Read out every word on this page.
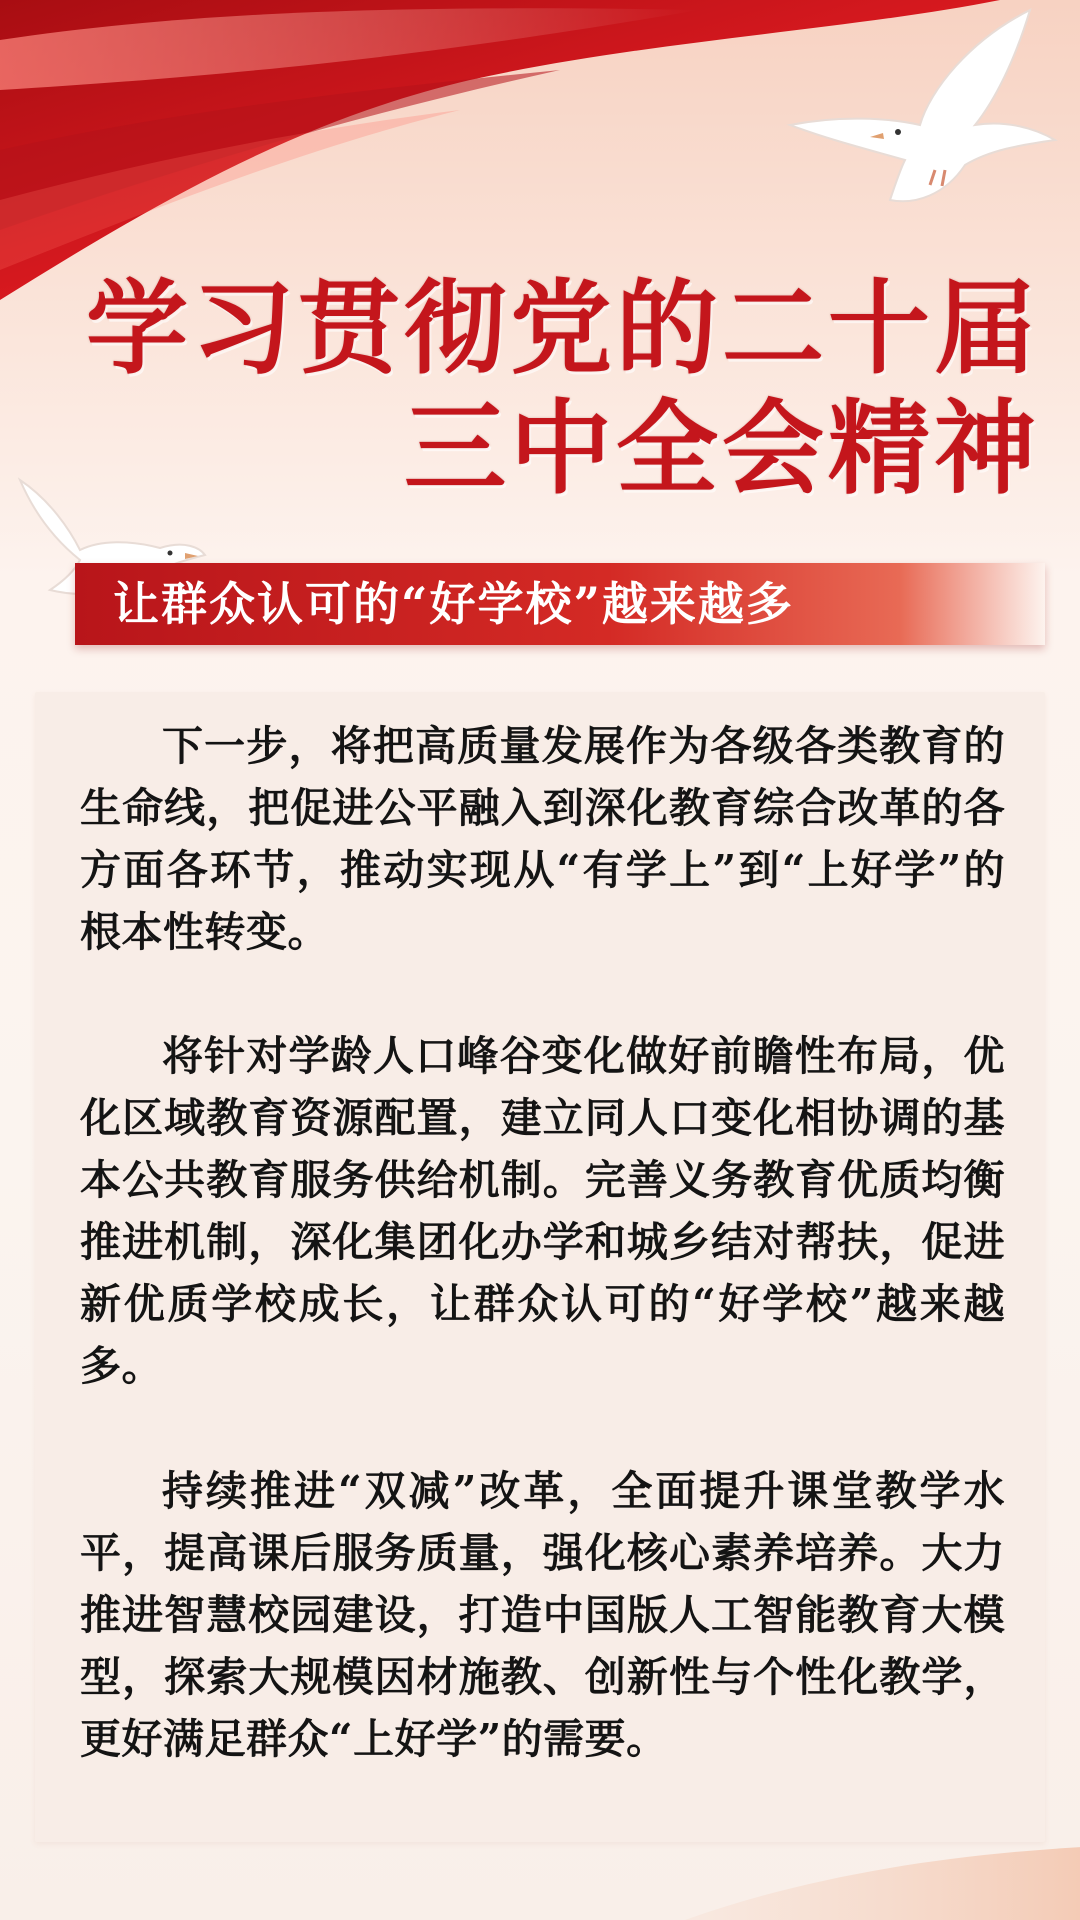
学习贯彻党的二十届
三中全会精神
让群众认可的“好学校”越来越多

下一步，将把高质量发展作为各级各类教育的生命线，把促进公平融入到深化教育综合改革的各方面各环节，推动实现从“有学上”到“上好学”的根本性转变。

将针对学龄人口峰谷变化做好前瞻性布局，优化区域教育资源配置，建立同人口变化相协调的基本公共教育服务供给机制。完善义务教育优质均衡推进机制，深化集团化办学和城乡结对帮扶，促进新优质学校成长，让群众认可的“好学校”越来越多。

持续推进“双减”改革，全面提升课堂教学水平，提高课后服务质量，强化核心素养培养。大力推进智慧校园建设，打造中国版人工智能教育大模型，探索大规模因材施教、创新性与个性化教学，更好满足群众“上好学”的需要。
